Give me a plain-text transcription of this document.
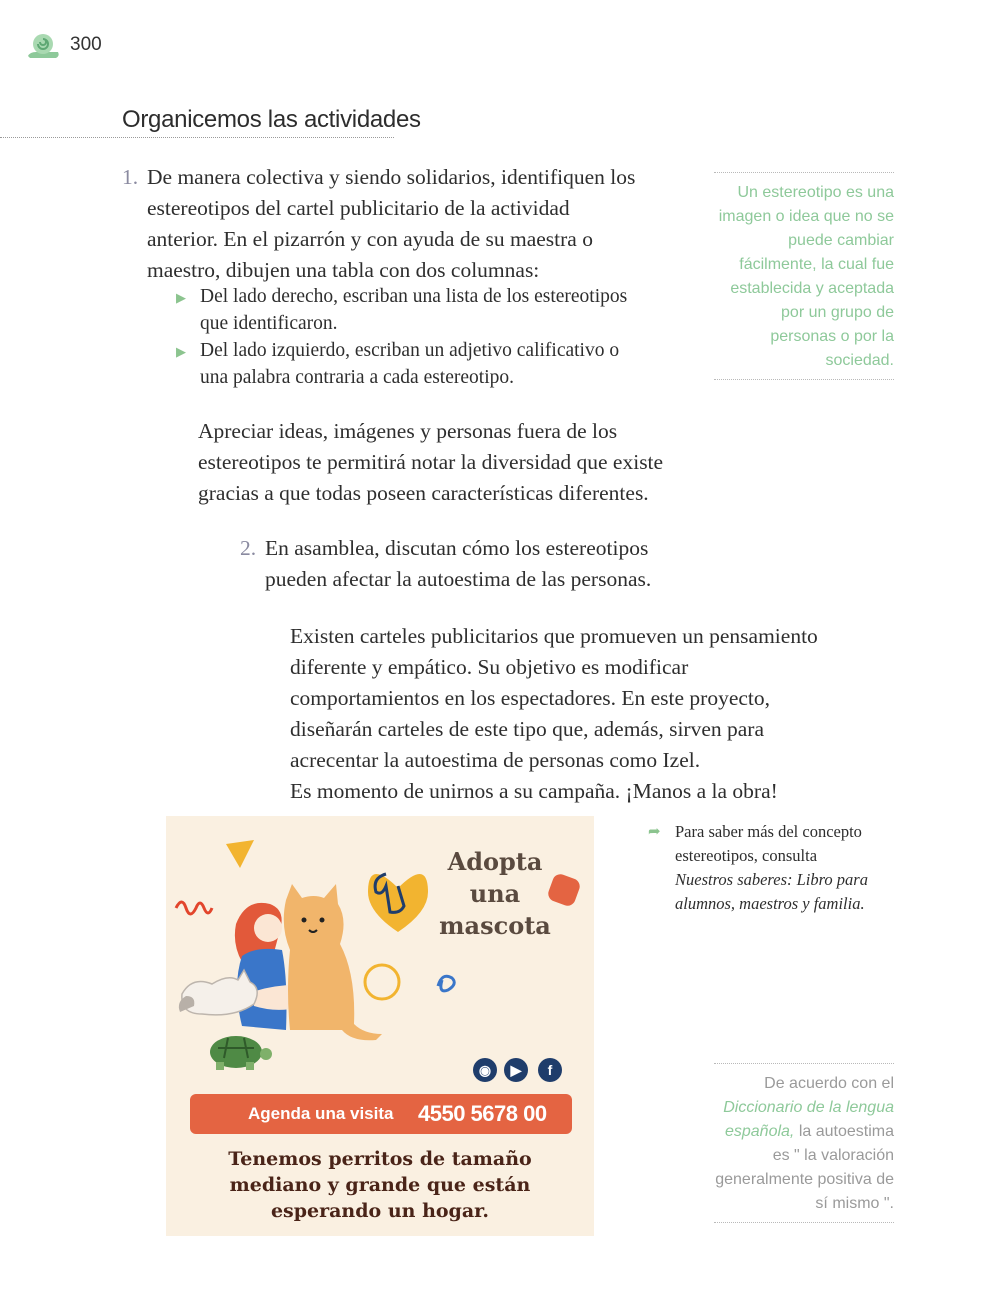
300
Organicemos las actividades
1. De manera colectiva y siendo solidarios, identifiquen los estereotipos del cartel publicitario de la actividad anterior. En el pizarrón y con ayuda de su maestra o maestro, dibujen una tabla con dos columnas:
▶ Del lado derecho, escriban una lista de los estereotipos que identificaron.
▶ Del lado izquierdo, escriban un adjetivo calificativo o una palabra contraria a cada estereotipo.
Apreciar ideas, imágenes y personas fuera de los estereotipos te permitirá notar la diversidad que existe gracias a que todas poseen características diferentes.
2. En asamblea, discutan cómo los estereotipos pueden afectar la autoestima de las personas.
Existen carteles publicitarios que promueven un pensamiento diferente y empático. Su objetivo es modificar comportamientos en los espectadores. En este proyecto, diseñarán carteles de este tipo que, además, sirven para acrecentar la autoestima de personas como Izel.
Es momento de unirnos a su campaña. ¡Manos a la obra!
Un estereotipo es una imagen o idea que no se puede cambiar fácilmente, la cual fue establecida y aceptada por un grupo de personas o por la sociedad.
➦ Para saber más del concepto estereotipos, consulta Nuestros saberes: Libro para alumnos, maestros y familia.
De acuerdo con el
Diccionario de la lengua española, la autoestima es " la valoración generalmente positiva de sí mismo ".
Adopta
una
mascota
◉	▶	f
Agenda una visita 4550 5678 00
Tenemos perritos de tamaño mediano y grande que están esperando un hogar.
